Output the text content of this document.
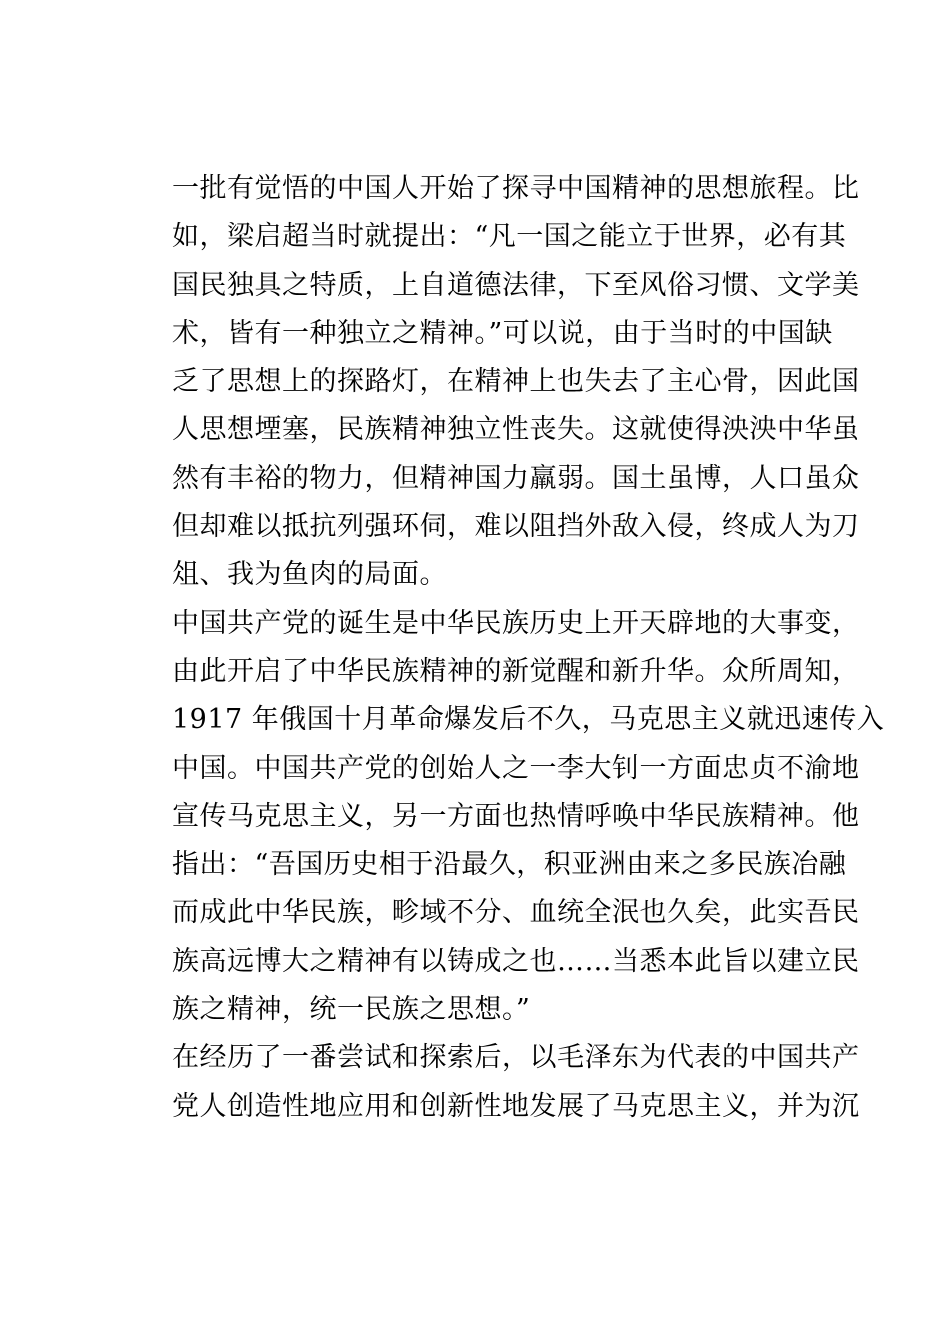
一批有觉悟的中国人开始了探寻中国精神的思想旅程。比
如，梁启超当时就提出：“凡一国之能立于世界，必有其
国民独具之特质，上自道德法律，下至风俗习惯、文学美
术，皆有一种独立之精神。”可以说，由于当时的中国缺
乏了思想上的探路灯，在精神上也失去了主心骨，因此国
人思想堙塞，民族精神独立性丧失。这就使得泱泱中华虽
然有丰裕的物力，但精神国力羸弱。国土虽博，人口虽众
但却难以抵抗列强环伺，难以阻挡外敌入侵，终成人为刀
俎、我为鱼肉的局面。
中国共产党的诞生是中华民族历史上开天辟地的大事变，
由此开启了中华民族精神的新觉醒和新升华。众所周知，
1917 年俄国十月革命爆发后不久，马克思主义就迅速传入
中国。中国共产党的创始人之一李大钊一方面忠贞不渝地
宣传马克思主义，另一方面也热情呼唤中华民族精神。他
指出：“吾国历史相于沿最久，积亚洲由来之多民族冶融
而成此中华民族，畛域不分、血统全泯也久矣，此实吾民
族高远博大之精神有以铸成之也……当悉本此旨以建立民
族之精神，统一民族之思想。”
在经历了一番尝试和探索后，以毛泽东为代表的中国共产
党人创造性地应用和创新性地发展了马克思主义，并为沉
